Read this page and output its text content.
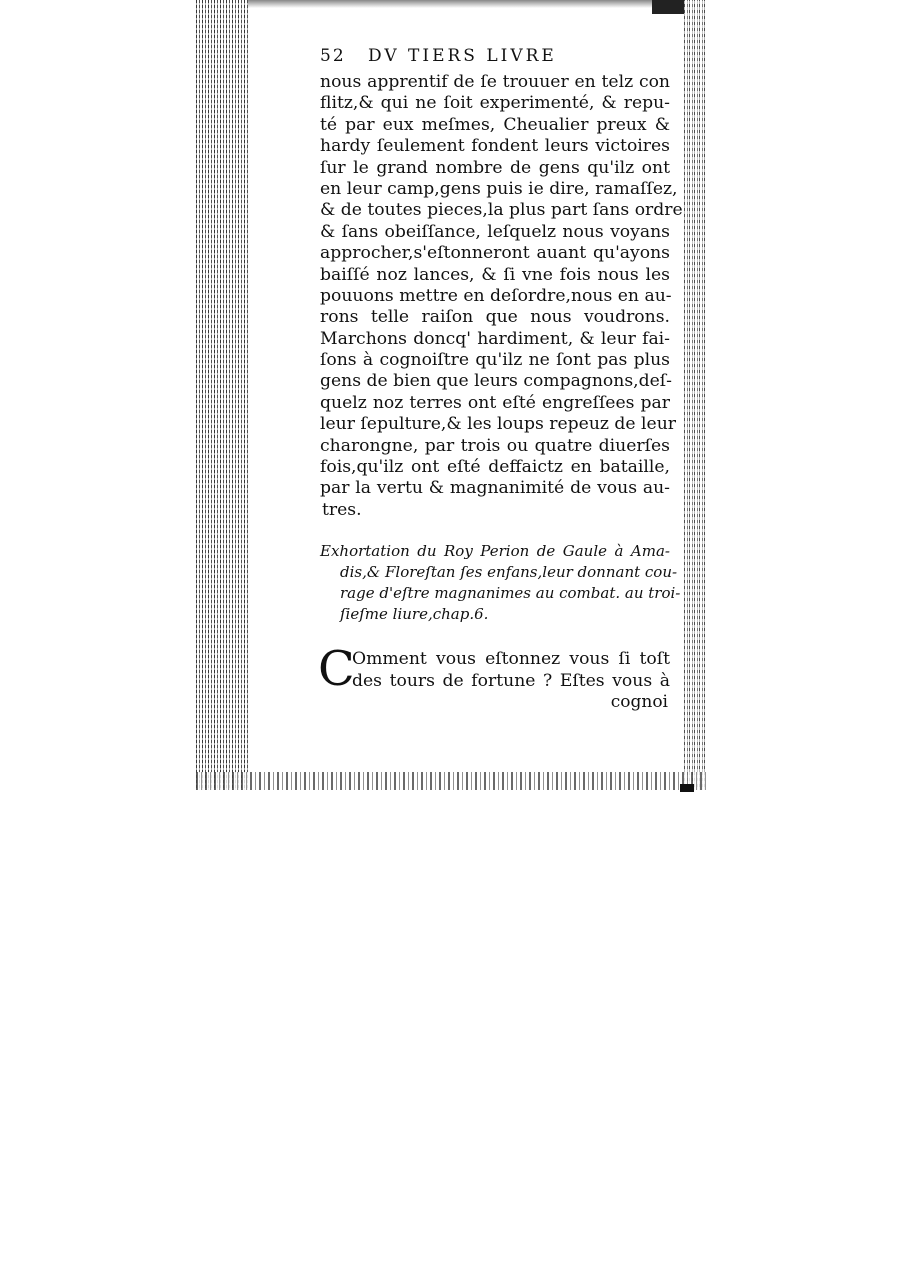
52	DV TIERS LIVRE
nous apprentif de ſe trouuer en telz con
flitz,& qui ne ſoit experimenté, & repu-
té par eux meſmes, Cheualier preux &
hardy ſeulement fondent leurs victoires
ſur le grand nombre de gens qu'ilz ont
en leur camp,gens puis ie dire, ramaſſez,
& de toutes pieces,la plus part ſans ordre
& ſans obeiſſance, leſquelz nous voyans
approcher,s'eſtonneront auant qu'ayons
baiſſé noz lances, & ſi vne fois nous les
pouuons mettre en deſordre,nous en au-
rons telle raiſon que nous voudrons.
Marchons doncq' hardiment, & leur fai-
ſons à cognoiſtre qu'ilz ne ſont pas plus
gens de bien que leurs compagnons,deſ-
quelz noz terres ont eſté engreſſees par
leur ſepulture,& les loups repeuz de leur
charongne, par trois ou quatre diuerſes
fois,qu'ilz ont eſté deffaictz en bataille,
par la vertu & magnanimité de vous au-
tres.
Exhortation du Roy Perion de Gaule à Ama-
dis,& Floreſtan ſes enfans,leur donnant cou-
rage d'eſtre magnanimes au combat. au troi-
ſieſme liure,chap.6.
C
Omment vous eſtonnez vous ſi toſt
des tours de fortune ? Eſtes vous à
cognoi
